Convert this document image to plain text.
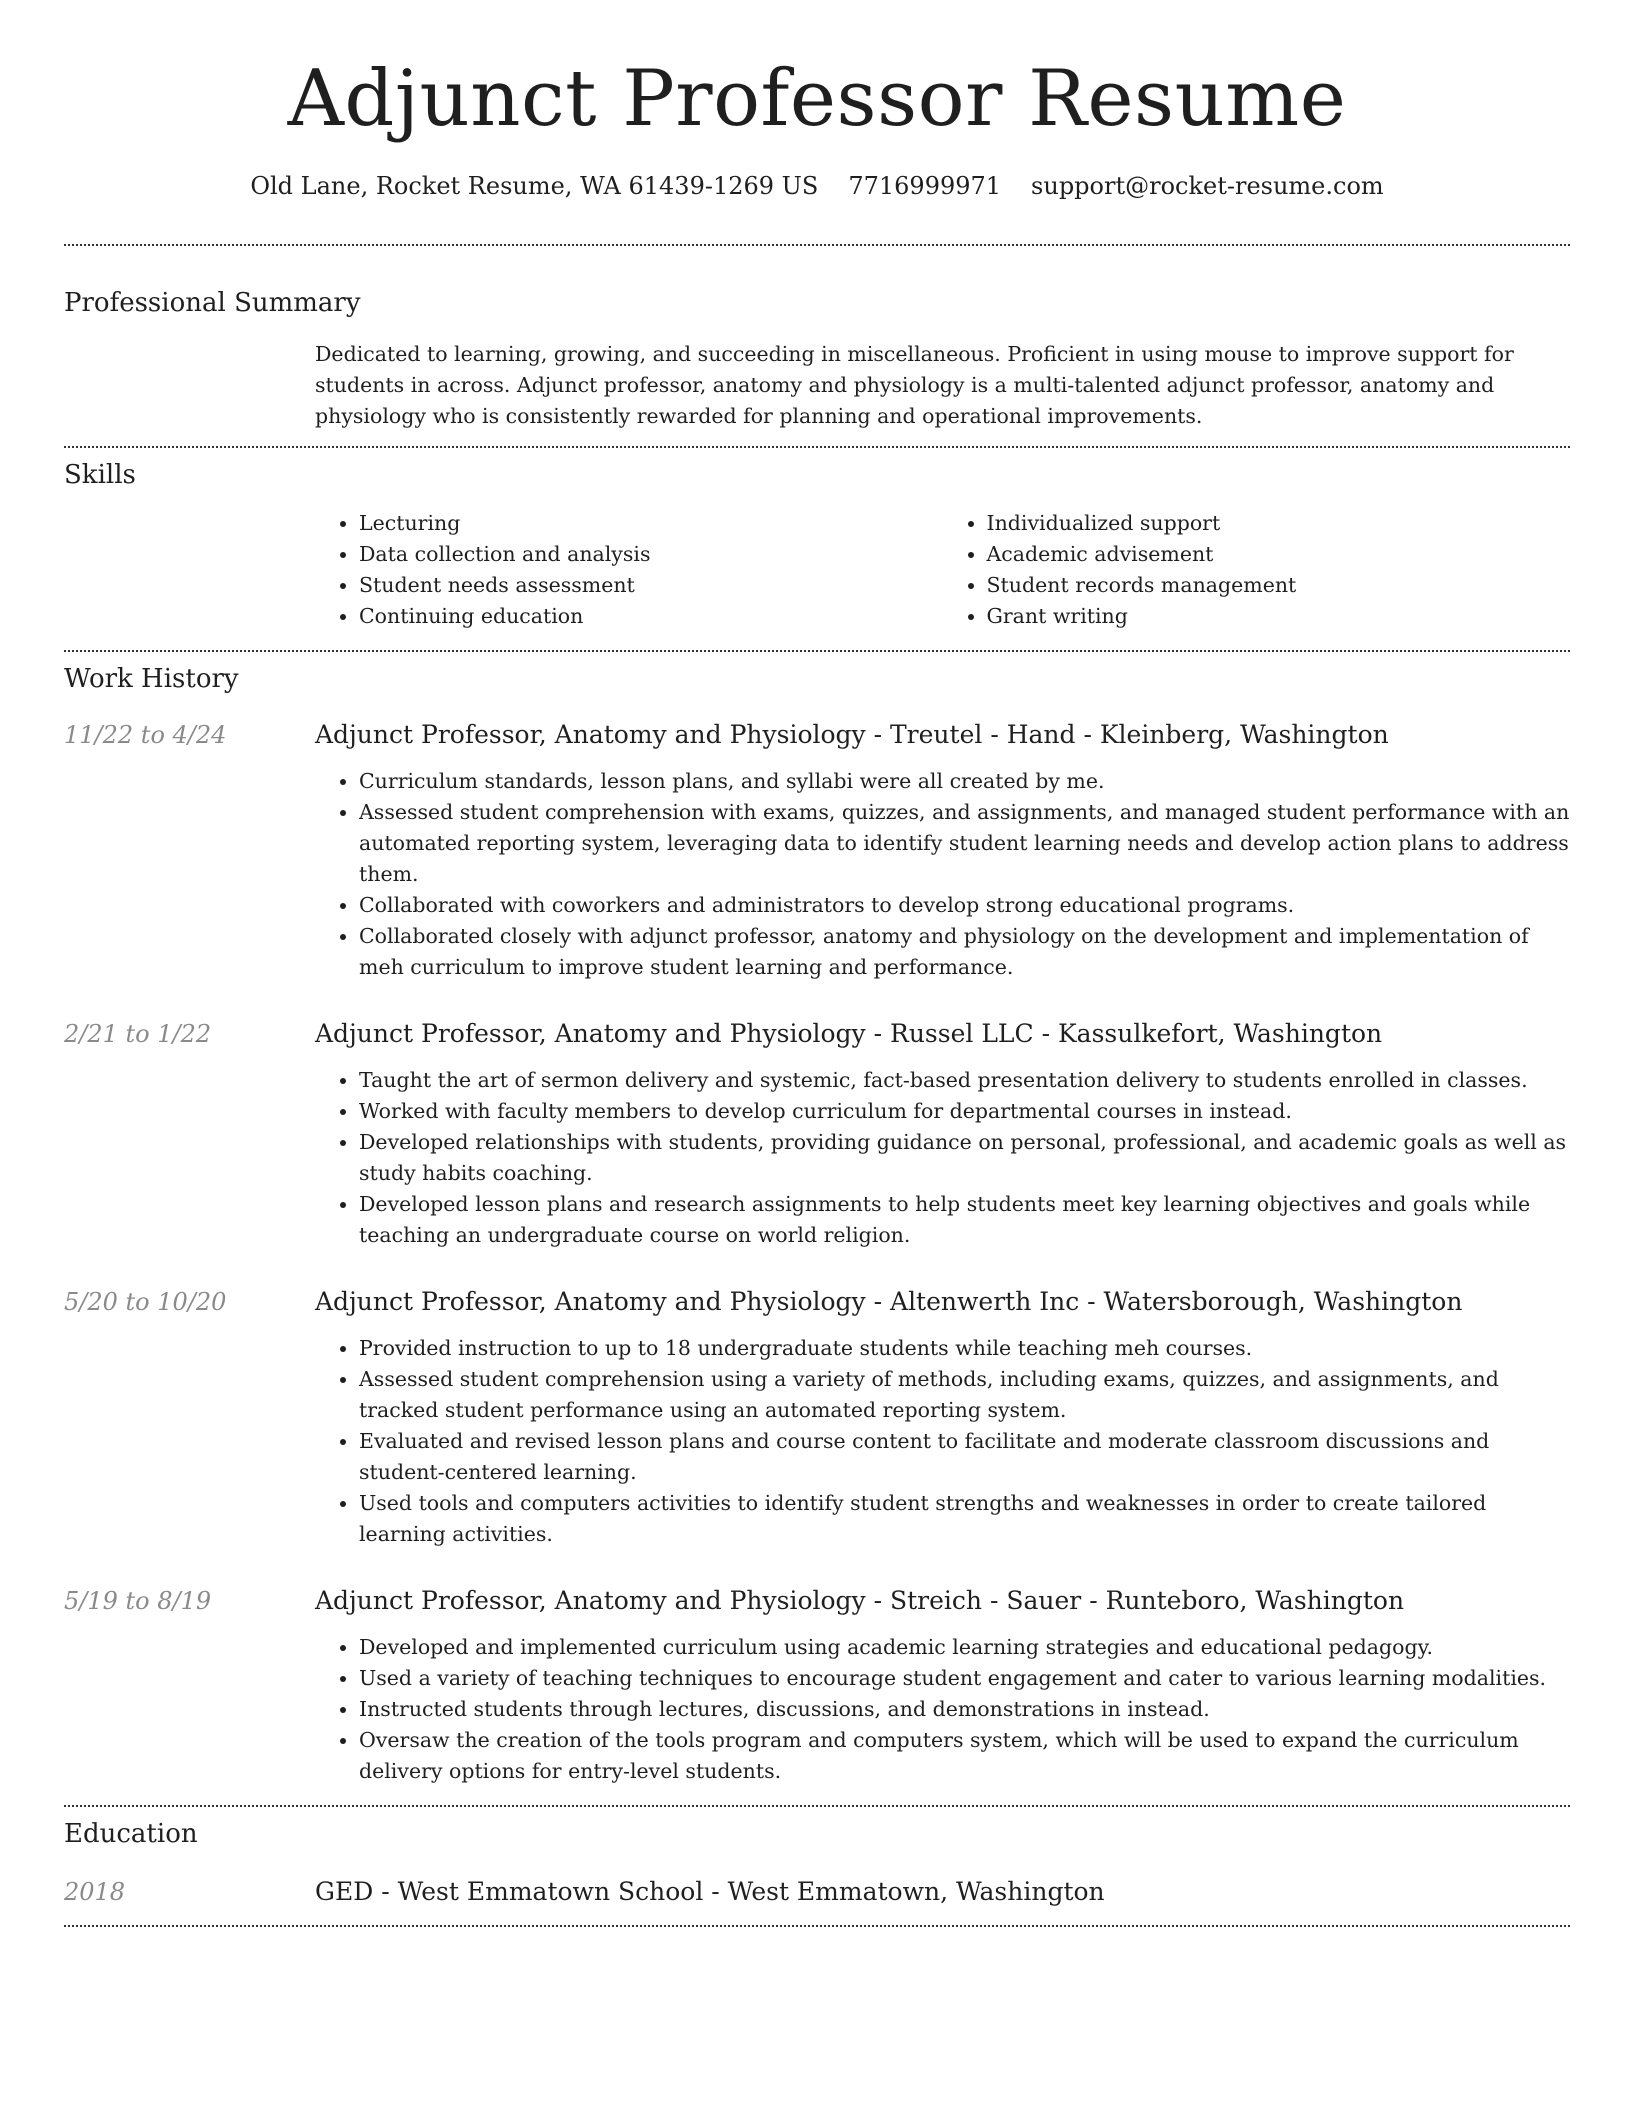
Adjunct Professor Resume
Old Lane, Rocket Resume, WA 61439-1269 US 7716999971 support@rocket-resume.com
Professional Summary
Dedicated to learning, growing, and succeeding in miscellaneous. Proficient in using mouse to improve support for students in across. Adjunct professor, anatomy and physiology is a multi-talented adjunct professor, anatomy and physiology who is consistently rewarded for planning and operational improvements.
Skills
• Lecturing
• Data collection and analysis
• Student needs assessment
• Continuing education
• Individualized support
• Academic advisement
• Student records management
• Grant writing
Work History
11/22 to 4/24	Adjunct Professor, Anatomy and Physiology - Treutel - Hand - Kleinberg, Washington
• Curriculum standards, lesson plans, and syllabi were all created by me.
• Assessed student comprehension with exams, quizzes, and assignments, and managed student performance with an automated reporting system, leveraging data to identify student learning needs and develop action plans to address them.
• Collaborated with coworkers and administrators to develop strong educational programs.
• Collaborated closely with adjunct professor, anatomy and physiology on the development and implementation of meh curriculum to improve student learning and performance.
2/21 to 1/22	Adjunct Professor, Anatomy and Physiology - Russel LLC - Kassulkefort, Washington
• Taught the art of sermon delivery and systemic, fact-based presentation delivery to students enrolled in classes.
• Worked with faculty members to develop curriculum for departmental courses in instead.
• Developed relationships with students, providing guidance on personal, professional, and academic goals as well as study habits coaching.
• Developed lesson plans and research assignments to help students meet key learning objectives and goals while teaching an undergraduate course on world religion.
5/20 to 10/20	Adjunct Professor, Anatomy and Physiology - Altenwerth Inc - Watersborough, Washington
• Provided instruction to up to 18 undergraduate students while teaching meh courses.
• Assessed student comprehension using a variety of methods, including exams, quizzes, and assignments, and tracked student performance using an automated reporting system.
• Evaluated and revised lesson plans and course content to facilitate and moderate classroom discussions and student-centered learning.
• Used tools and computers activities to identify student strengths and weaknesses in order to create tailored learning activities.
5/19 to 8/19	Adjunct Professor, Anatomy and Physiology - Streich - Sauer - Runteboro, Washington
• Developed and implemented curriculum using academic learning strategies and educational pedagogy.
• Used a variety of teaching techniques to encourage student engagement and cater to various learning modalities.
• Instructed students through lectures, discussions, and demonstrations in instead.
• Oversaw the creation of the tools program and computers system, which will be used to expand the curriculum delivery options for entry-level students.
Education
2018	GED - West Emmatown School - West Emmatown, Washington
